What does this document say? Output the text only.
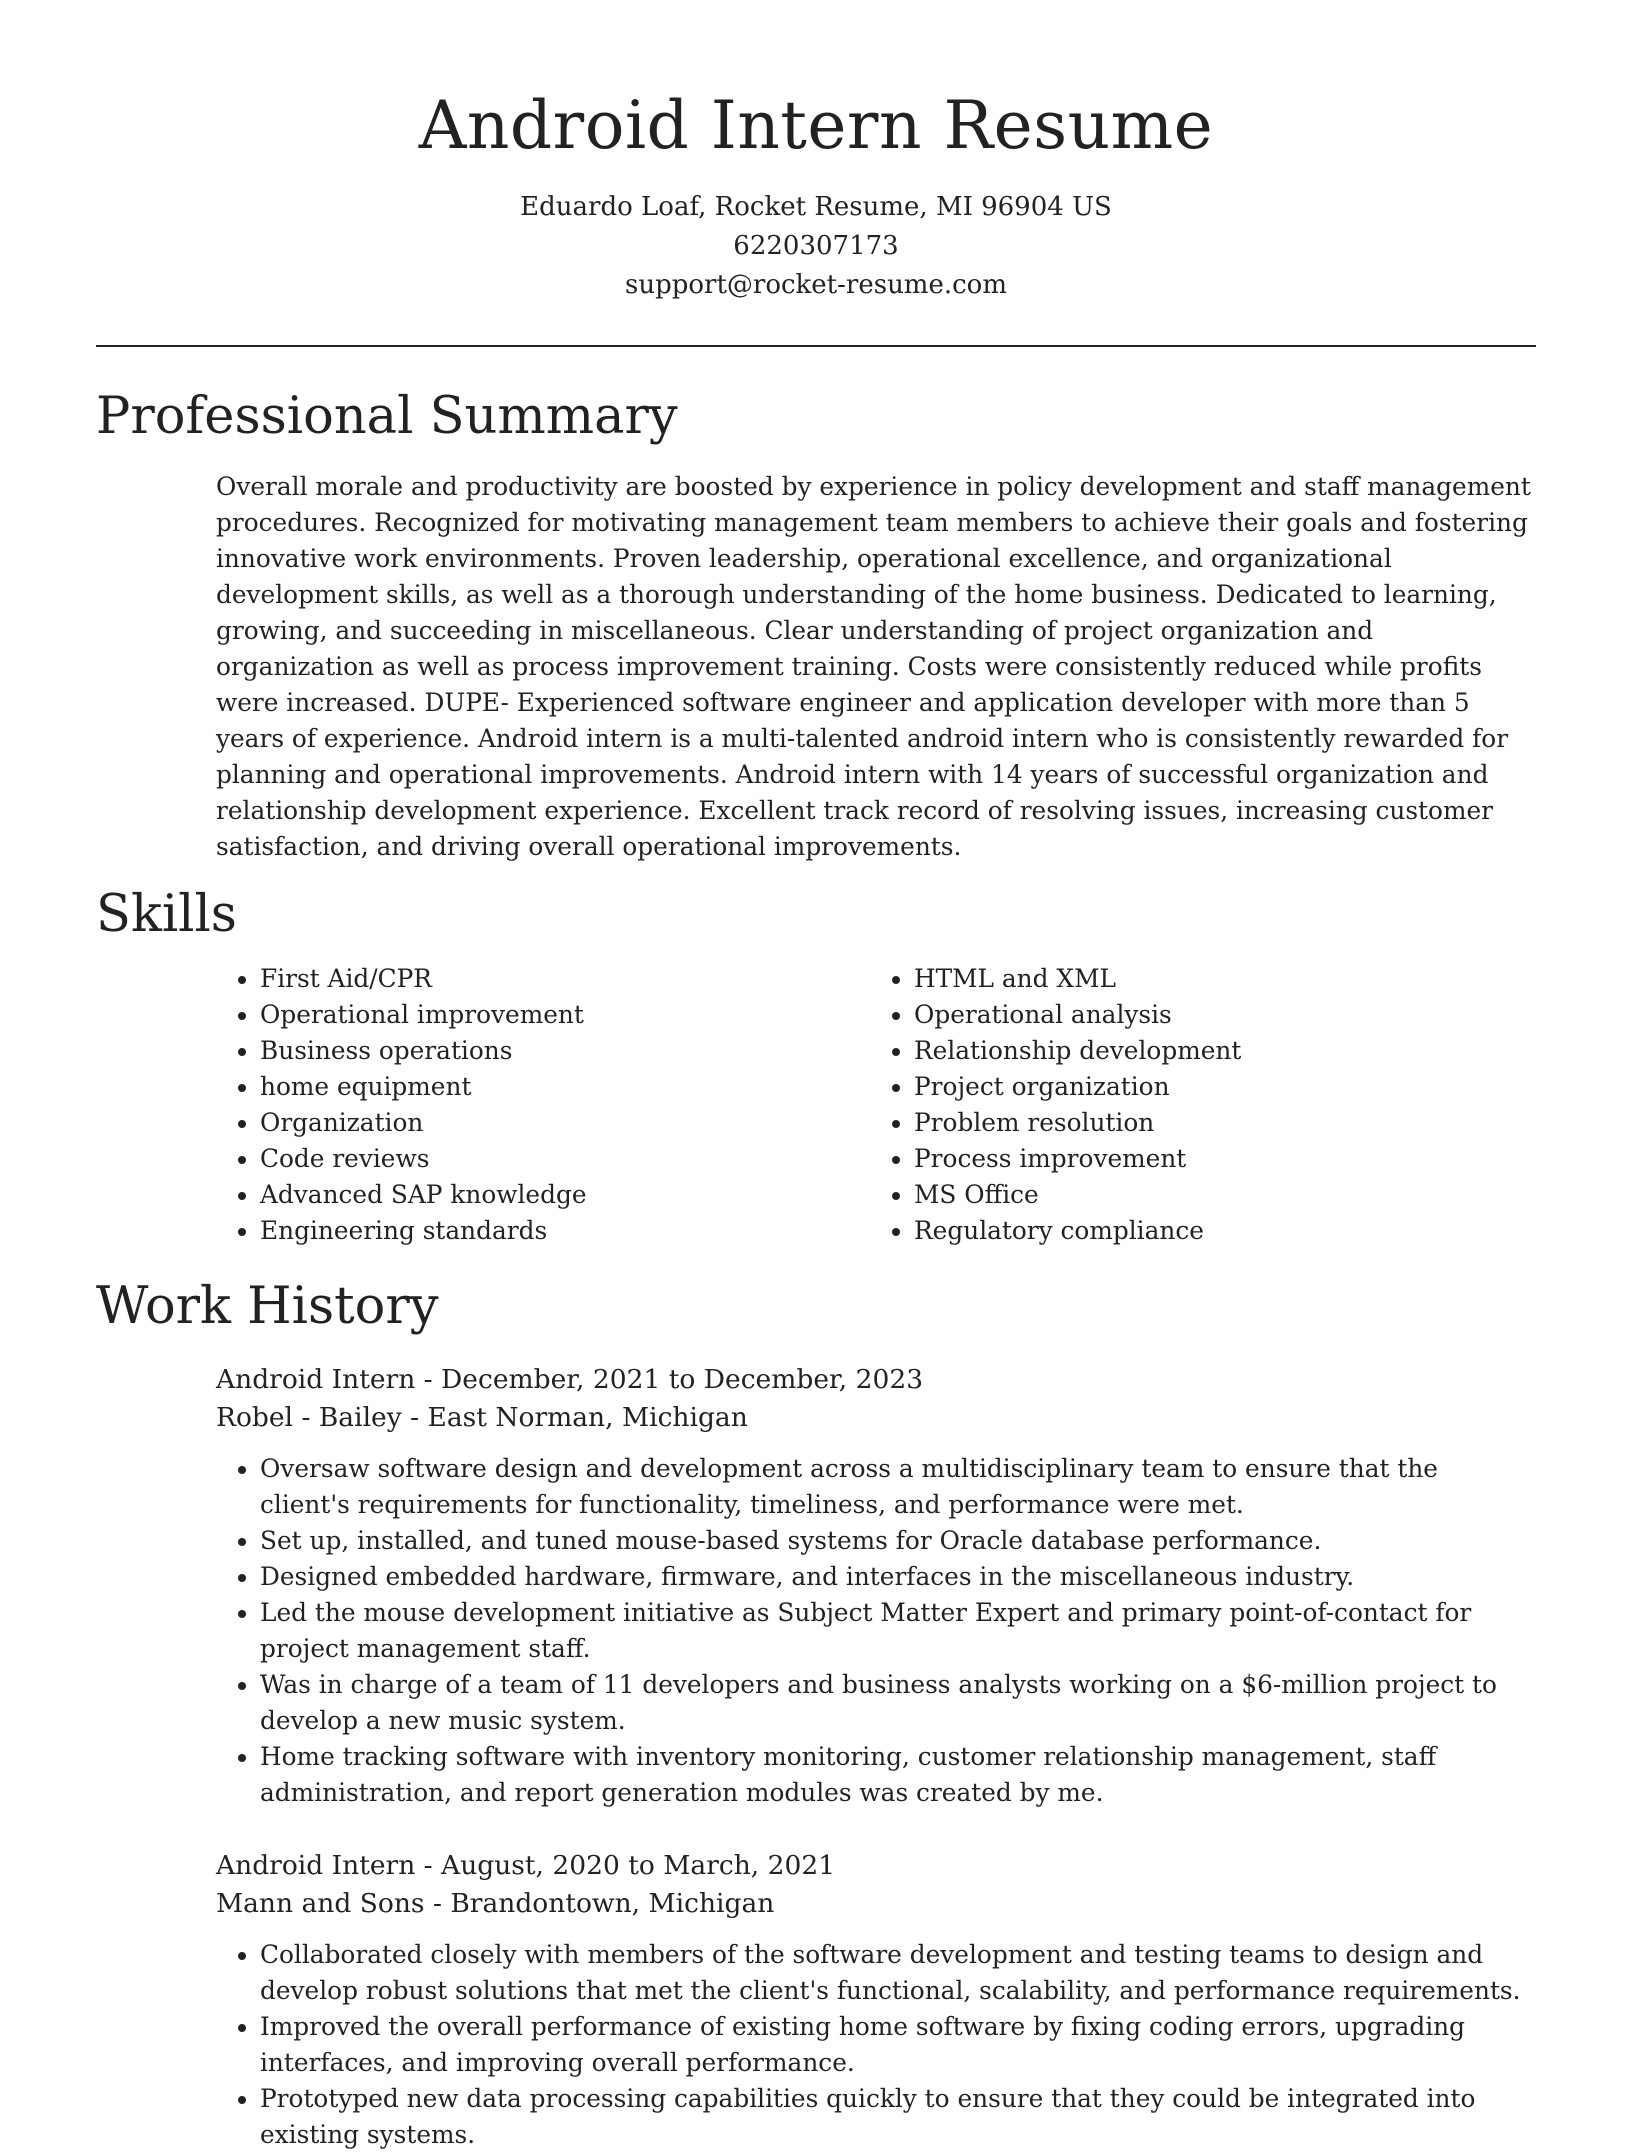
Android Intern Resume
Eduardo Loaf, Rocket Resume, MI 96904 US
6220307173
support@rocket-resume.com
Professional Summary

Overall morale and productivity are boosted by experience in policy development and staff management procedures. Recognized for motivating management team members to achieve their goals and fostering innovative work environments. Proven leadership, operational excellence, and organizational development skills, as well as a thorough understanding of the home business. Dedicated to learning, growing, and succeeding in miscellaneous. Clear understanding of project organization and organization as well as process improvement training. Costs were consistently reduced while profits were increased. DUPE- Experienced software engineer and application developer with more than 5 years of experience. Android intern is a multi-talented android intern who is consistently rewarded for planning and operational improvements. Android intern with 14 years of successful organization and relationship development experience. Excellent track record of resolving issues, increasing customer satisfaction, and driving overall operational improvements.

Skills
• First Aid/CPR
• Operational improvement
• Business operations
• home equipment
• Organization
• Code reviews
• Advanced SAP knowledge
• Engineering standards
• HTML and XML
• Operational analysis
• Relationship development
• Project organization
• Problem resolution
• Process improvement
• MS Office
• Regulatory compliance
Work History
Android Intern - December, 2021 to December, 2023
Robel - Bailey - East Norman, Michigan
• Oversaw software design and development across a multidisciplinary team to ensure that the client's requirements for functionality, timeliness, and performance were met.
• Set up, installed, and tuned mouse-based systems for Oracle database performance.
• Designed embedded hardware, firmware, and interfaces in the miscellaneous industry.
• Led the mouse development initiative as Subject Matter Expert and primary point-of-contact for project management staff.
• Was in charge of a team of 11 developers and business analysts working on a $6-million project to develop a new music system.
• Home tracking software with inventory monitoring, customer relationship management, staff administration, and report generation modules was created by me.
Android Intern - August, 2020 to March, 2021
Mann and Sons - Brandontown, Michigan
• Collaborated closely with members of the software development and testing teams to design and develop robust solutions that met the client's functional, scalability, and performance requirements.
• Improved the overall performance of existing home software by fixing coding errors, upgrading interfaces, and improving overall performance.
• Prototyped new data processing capabilities quickly to ensure that they could be integrated into existing systems.
